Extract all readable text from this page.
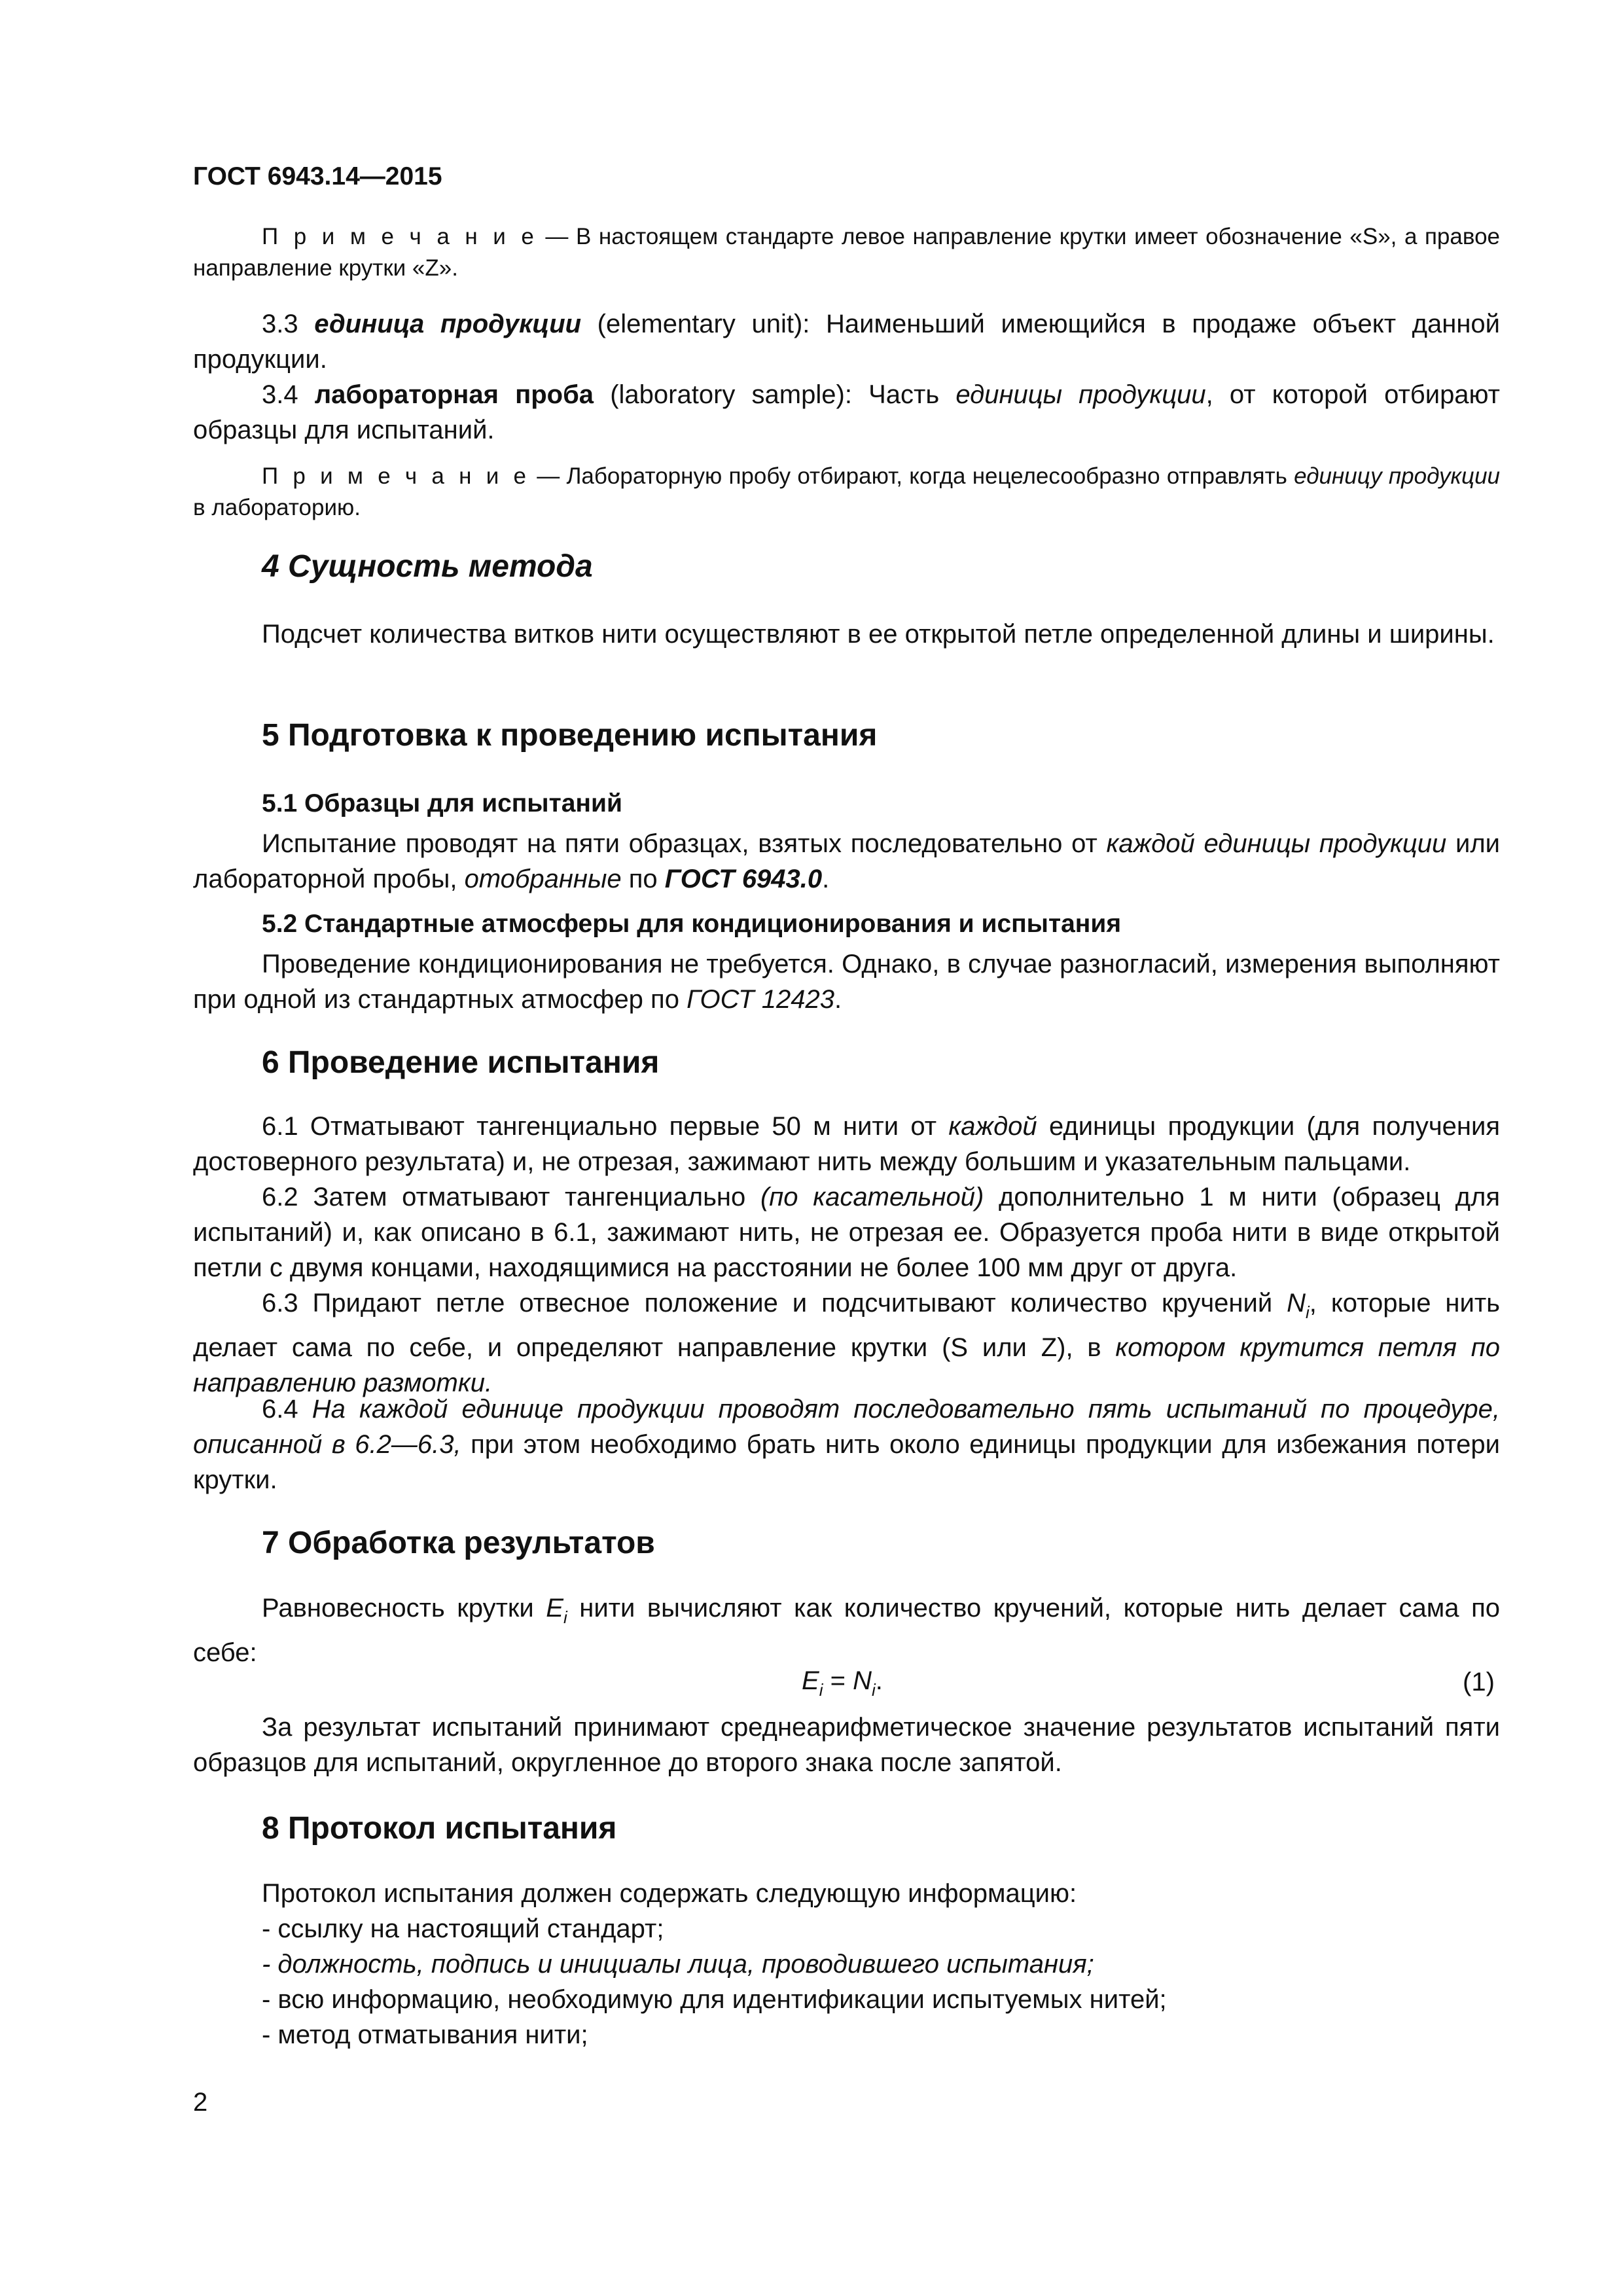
ГОСТ 6943.14—2015
П р и м е ч а н и е — В настоящем стандарте левое направление крутки имеет обозначение «S», а правое направление крутки «Z».
3.3 единица продукции (elementary unit): Наименьший имеющийся в продаже объект данной продукции.
3.4 лабораторная проба (laboratory sample): Часть единицы продукции, от которой отбирают образцы для испытаний.
П р и м е ч а н и е — Лабораторную пробу отбирают, когда нецелесообразно отправлять единицу продукции в лабораторию.
4 Сущность метода
Подсчет количества витков нити осуществляют в ее открытой петле определенной длины и ширины.
5 Подготовка к проведению испытания
5.1 Образцы для испытаний
Испытание проводят на пяти образцах, взятых последовательно от каждой единицы продукции или лабораторной пробы, отобранные по ГОСТ 6943.0.
5.2 Стандартные атмосферы для кондиционирования и испытания
Проведение кондиционирования не требуется. Однако, в случае разногласий, измерения выполняют при одной из стандартных атмосфер по ГОСТ 12423.
6 Проведение испытания
6.1 Отматывают тангенциально первые 50 м нити от каждой единицы продукции (для получения достоверного результата) и, не отрезая, зажимают нить между большим и указательным пальцами.
6.2 Затем отматывают тангенциально (по касательной) дополнительно 1 м нити (образец для испытаний) и, как описано в 6.1, зажимают нить, не отрезая ее. Образуется проба нити в виде открытой петли с двумя концами, находящимися на расстоянии не более 100 мм друг от друга.
6.3 Придают петле отвесное положение и подсчитывают количество кручений $N_i$, которые нить делает сама по себе, и определяют направление крутки (S или Z), в котором крутится петля по направлению размотки.
6.4 На каждой единице продукции проводят последовательно пять испытаний по процедуре, описанной в 6.2—6.3, при этом необходимо брать нить около единицы продукции для избежания потери крутки.
7 Обработка результатов
Равновесность крутки $E_i$ нити вычисляют как количество кручений, которые нить делает сама по себе:
$E_i = N_i$.	(1)
За результат испытаний принимают среднеарифметическое значение результатов испытаний пяти образцов для испытаний, округленное до второго знака после запятой.
8 Протокол испытания
Протокол испытания должен содержать следующую информацию:
- ссылку на настоящий стандарт;
- должность, подпись и инициалы лица, проводившего испытания;
- всю информацию, необходимую для идентификации испытуемых нитей;
- метод отматывания нити;
2
